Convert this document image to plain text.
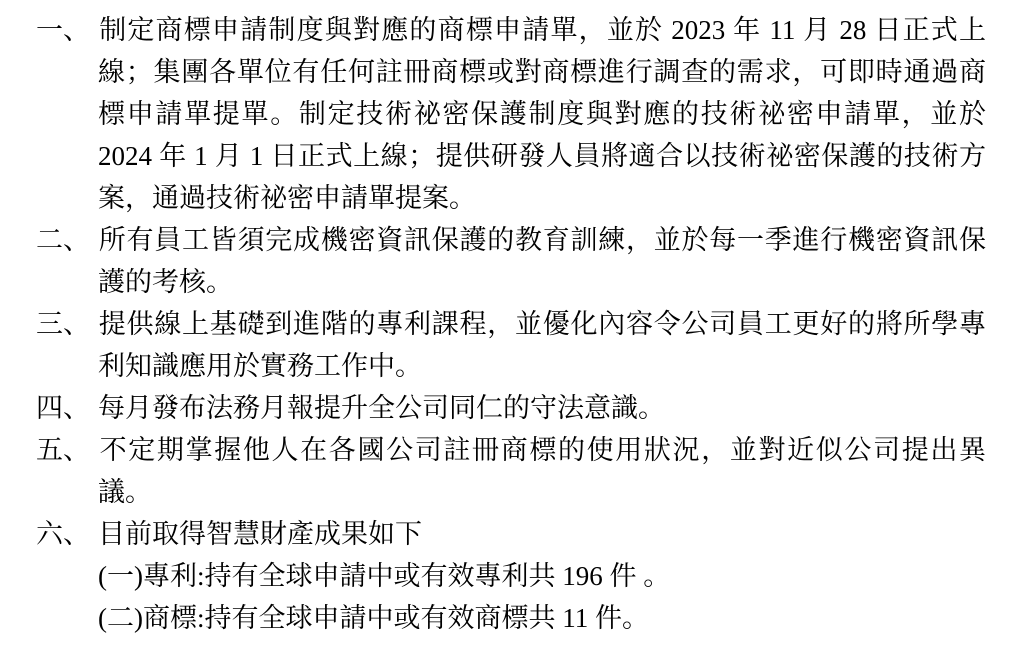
一、 制定商標申請制度與對應的商標申請單，並於 2023 年 11 月 28 日正式上線；集團各單位有任何註冊商標或對商標進行調查的需求，可即時通過商標申請單提單。制定技術祕密保護制度與對應的技術祕密申請單，並於 2024 年 1 月 1 日正式上線；提供研發人員將適合以技術祕密保護的技術方案，通過技術祕密申請單提案。
二、 所有員工皆須完成機密資訊保護的教育訓練，並於每一季進行機密資訊保護的考核。
三、 提供線上基礎到進階的專利課程，並優化內容令公司員工更好的將所學專利知識應用於實務工作中。
四、 每月發布法務月報提升全公司同仁的守法意識。
五、 不定期掌握他人在各國公司註冊商標的使用狀況，並對近似公司提出異議。
六、 目前取得智慧財產成果如下
(一)專利:持有全球申請中或有效專利共 196 件 。
(二)商標:持有全球申請中或有效商標共 11 件。
